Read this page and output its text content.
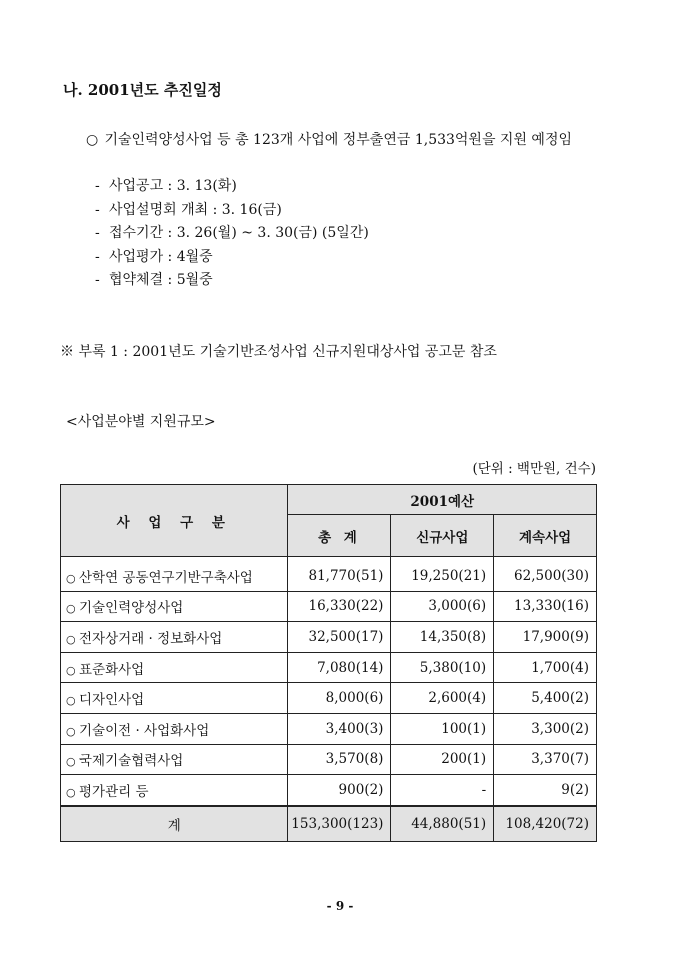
나. 2001년도 추진일정
○ 기술인력양성사업 등 총 123개 사업에 정부출연금 1,533억원을 지원 예정임
- 사업공고 : 3. 13(화)
- 사업설명회 개최 : 3. 16(금)
- 접수기간 : 3. 26(월) ~ 3. 30(금) (5일간)
- 사업평가 : 4월중
- 협약체결 : 5월중
※ 부록 1 : 2001년도 기술기반조성사업 신규지원대상사업 공고문 참조
<사업분야별 지원규모>
(단위 : 백만원, 건수)
사 업 구 분	2001예산		
	총 계	신규사업	계속사업
○ 산학연 공동연구기반구축사업	81,770(51)	19,250(21)	62,500(30)
○ 기술인력양성사업	16,330(22)	3,000(6)	13,330(16)
○ 전자상거래 · 정보화사업	32,500(17)	14,350(8)	17,900(9)
○ 표준화사업	7,080(14)	5,380(10)	1,700(4)
○ 디자인사업	8,000(6)	2,600(4)	5,400(2)
○ 기술이전 · 사업화사업	3,400(3)	100(1)	3,300(2)
○ 국제기술협력사업	3,570(8)	200(1)	3,370(7)
○ 평가관리 등	900(2)	-	9(2)
계	153,300(123)	44,880(51)	108,420(72)
- 9 -
